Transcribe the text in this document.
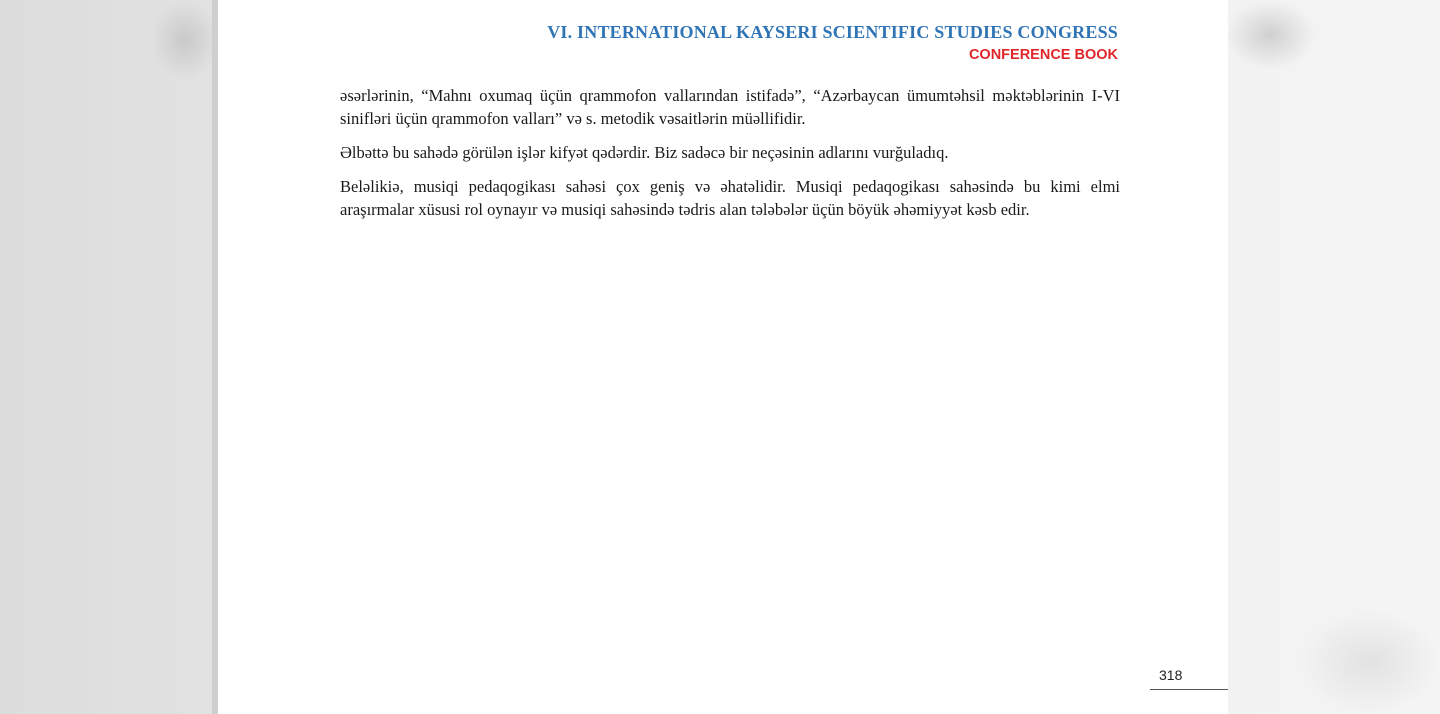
VI. INTERNATIONAL KAYSERI SCIENTIFIC STUDIES CONGRESS
CONFERENCE BOOK

əsərlərinin, “Mahnı oxumaq üçün qrammofon vallarından istifadə”, “Azərbaycan ümumtəhsil məktəblərinin I-VI sinifləri üçün qrammofon valları” və s. metodik vəsaitlərin müəllifidir.

Əlbəttə bu sahədə görülən işlər kifyət qədərdir. Biz sadəcə bir neçəsinin adlarını vurğuladıq.

Beləlikiə, musiqi pedaqogikası sahəsi çox geniş və əhatəlidir. Musiqi pedaqogikası sahəsində bu kimi elmi araşırmalar xüsusi rol oynayır və musiqi sahəsində tədris alan tələbələr üçün böyük əhəmiyyət kəsb edir.

318
